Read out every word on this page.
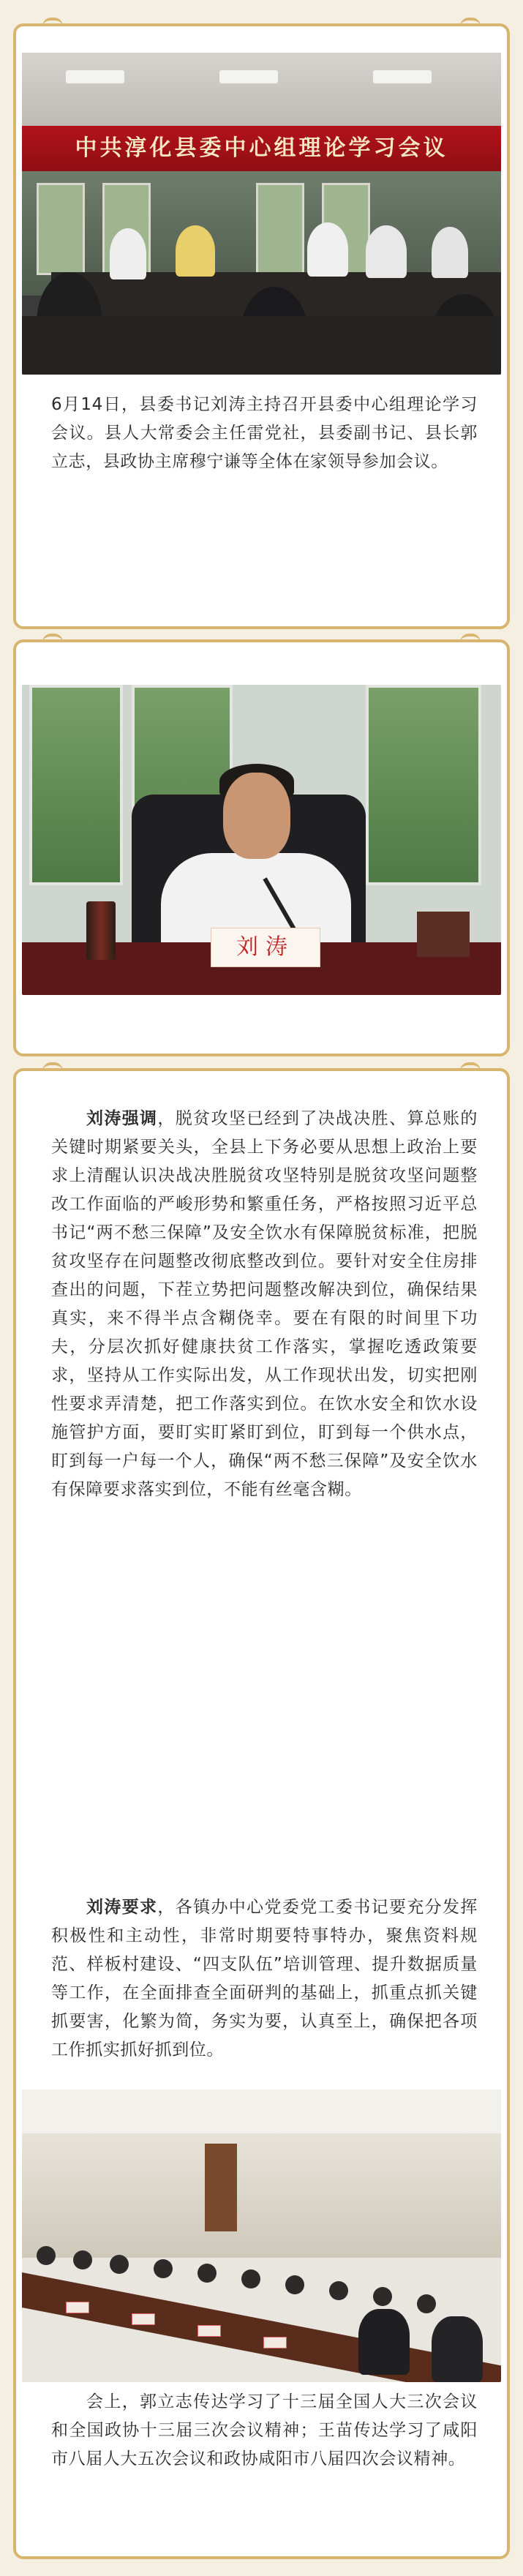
中共淳化县委中心组理论学习会议

6月14日，县委书记刘涛主持召开县委中心组理论学习会议。县人大常委会主任雷党社，县委副书记、县长郭立志，县政协主席穆宁谦等全体在家领导参加会议。

刘涛

刘涛强调，脱贫攻坚已经到了决战决胜、算总账的关键时期紧要关头，全县上下务必要从思想上政治上要求上清醒认识决战决胜脱贫攻坚特别是脱贫攻坚问题整改工作面临的严峻形势和繁重任务，严格按照习近平总书记“两不愁三保障”及安全饮水有保障脱贫标准，把脱贫攻坚存在问题整改彻底整改到位。要针对安全住房排查出的问题，下茬立势把问题整改解决到位，确保结果真实，来不得半点含糊侥幸。要在有限的时间里下功夫，分层次抓好健康扶贫工作落实，掌握吃透政策要求，坚持从工作实际出发，从工作现状出发，切实把刚性要求弄清楚，把工作落实到位。在饮水安全和饮水设施管护方面，要盯实盯紧盯到位，盯到每一个供水点，盯到每一户每一个人，确保“两不愁三保障”及安全饮水有保障要求落实到位，不能有丝毫含糊。

刘涛要求，各镇办中心党委党工委书记要充分发挥积极性和主动性，非常时期要特事特办，聚焦资料规范、样板村建设、“四支队伍”培训管理、提升数据质量等工作，在全面排查全面研判的基础上，抓重点抓关键抓要害，化繁为简，务实为要，认真至上，确保把各项工作抓实抓好抓到位。

会上，郭立志传达学习了十三届全国人大三次会议和全国政协十三届三次会议精神；王苗传达学习了咸阳市八届人大五次会议和政协咸阳市八届四次会议精神。
